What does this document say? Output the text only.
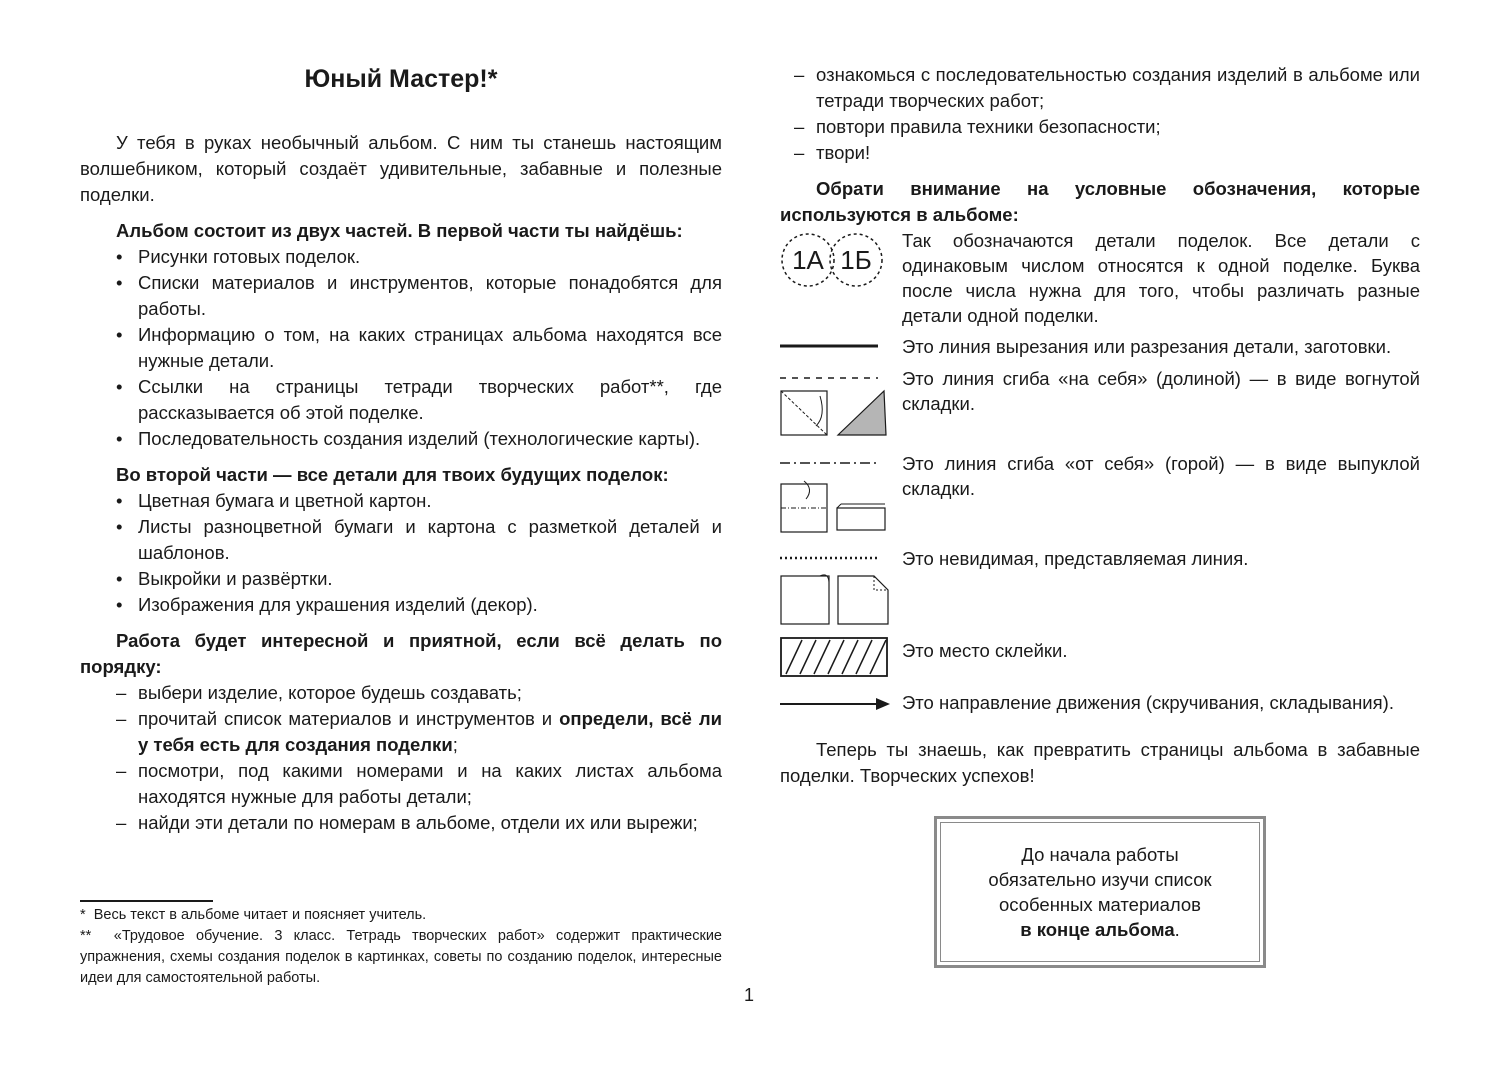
Юный Мастер!*

У тебя в руках необычный альбом. С ним ты станешь настоящим волшебником, который создаёт удивительные, забавные и полезные поделки.

Альбом состоит из двух частей. В первой части ты найдёшь:

• Рисунки готовых поделок.
• Списки материалов и инструментов, которые понадобятся для работы.
• Информацию о том, на каких страницах альбома находятся все нужные детали.
• Ссылки на страницы тетради творческих работ**, где рассказывается об этой поделке.
• Последовательность создания изделий (технологические карты).

Во второй части — все детали для твоих будущих поделок:

• Цветная бумага и цветной картон.
• Листы разноцветной бумаги и картона с разметкой деталей и шаблонов.
• Выкройки и развёртки.
• Изображения для украшения изделий (декор).

Работа будет интересной и приятной, если всё делать по порядку:

– выбери изделие, которое будешь создавать;
– прочитай список материалов и инструментов и определи, всё ли у тебя есть для создания поделки;
– посмотри, под какими номерами и на каких листах альбома находятся нужные для работы детали;
– найди эти детали по номерам в альбоме, отдели их или вырежи;

* Весь текст в альбоме читает и поясняет учитель.

** «Трудовое обучение. 3 класс. Тетрадь творческих работ» содержит практические упражнения, схемы создания поделок в картинках, советы по созданию поделок, интересные идеи для самостоятельной работы.

1
– ознакомься с последовательностью создания изделий в альбоме или тетради творческих работ;
– повтори правила техники безопасности;
– твори!

Обрати внимание на условные обозначения, которые используются в альбоме:

1А 1Б
Так обозначаются детали поделок. Все детали с одинаковым числом относятся к одной поделке. Буква после числа нужна для того, чтобы различать разные детали одной поделки.
Это линия вырезания или разрезания детали, заготовки.
Это линия сгиба «на себя» (долиной) — в виде вогнутой складки.
Это линия сгиба «от себя» (горой) — в виде выпуклой складки.
Это невидимая, представляемая линия.
Это место склейки.
Это направление движения (скручивания, складывания).

Теперь ты знаешь, как превратить страницы альбома в забавные поделки. Творческих успехов!

До начала работы
обязательно изучи список
особенных материалов
в конце альбома.
